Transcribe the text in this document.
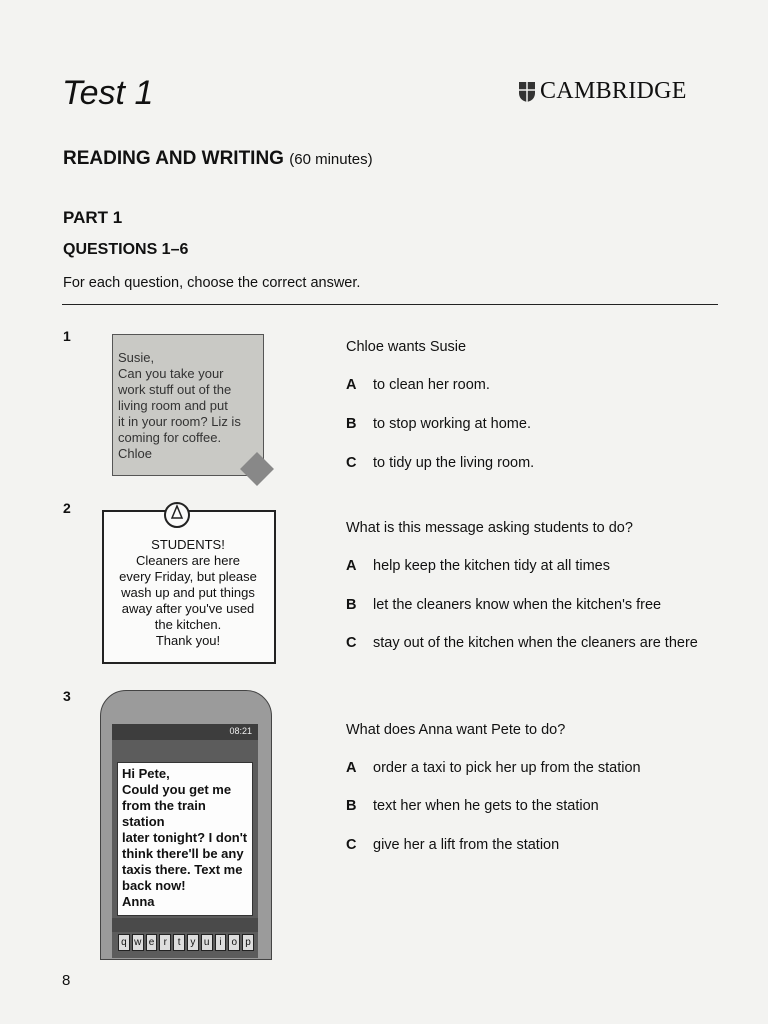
Test 1	CAMBRIDGE
READING AND WRITING (60 minutes)
PART 1
QUESTIONS 1–6
For each question, choose the correct answer.
1
Susie,
Can you take your
work stuff out of the
living room and put
it in your room? Liz is
coming for coffee.
Chloe
Chloe wants Susie
A	to clean her room.
B	to stop working at home.
C	to tidy up the living room.
2
STUDENTS!
Cleaners are here
every Friday, but please
wash up and put things
away after you've used
the kitchen.
Thank you!
What is this message asking students to do?
A	help keep the kitchen tidy at all times
B	let the cleaners know when the kitchen's free
C	stay out of the kitchen when the cleaners are there
3
08:21
Hi Pete,
Could you get me
from the train station
later tonight? I don't
think there'll be any
taxis there. Text me
back now!
Anna
q w e r	t y u i o p
What does Anna want Pete to do?
A	order a taxi to pick her up from the station
B	text her when he gets to the station
C	give her a lift from the station
8
